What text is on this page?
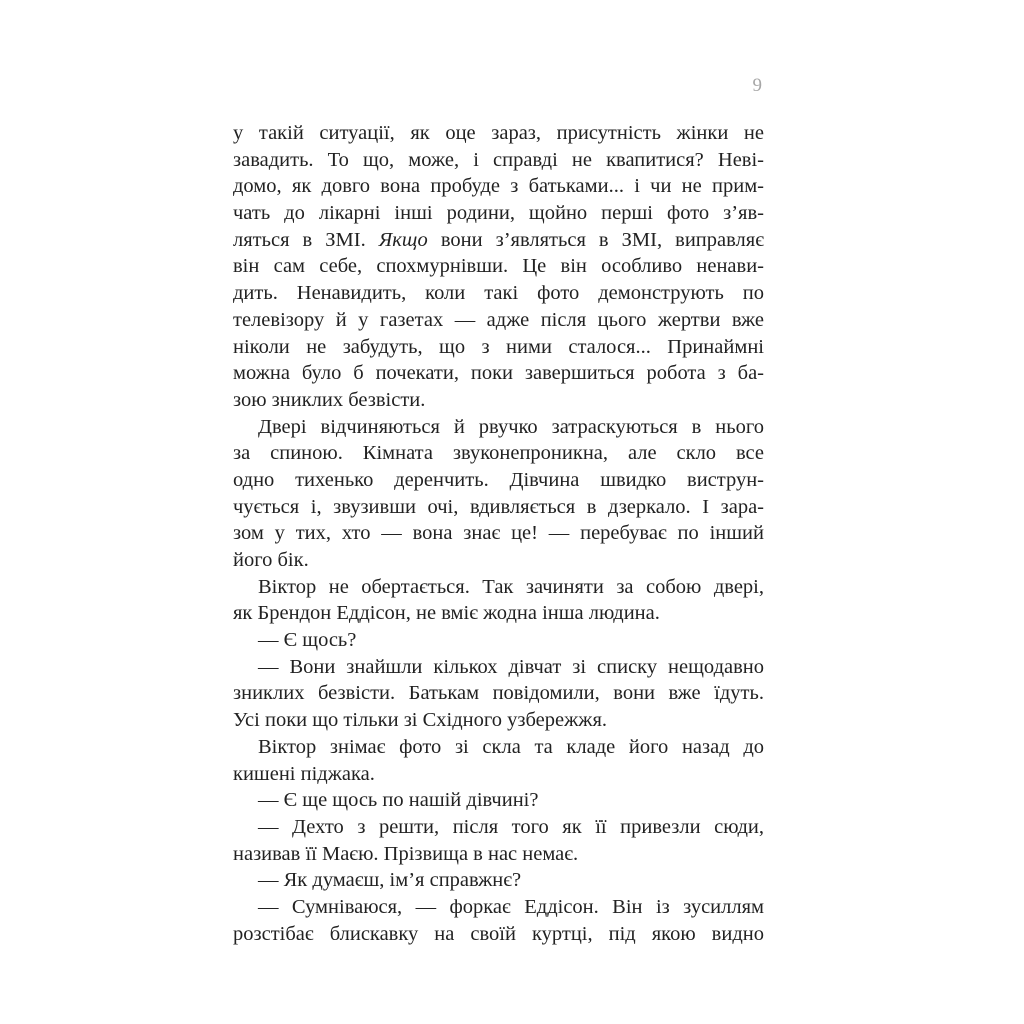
9
у такій ситуації, як оце зараз, присутність жінки не
завадить. То що, може, і справді не квапитися? Неві-
домо, як довго вона пробуде з батьками... і чи не прим-
чать до лікарні інші родини, щойно перші фото з’яв-
ляться в ЗМІ. Якщо вони з’являться в ЗМІ, виправляє
він сам себе, спохмурнівши. Це він особливо ненави-
дить. Ненавидить, коли такі фото демонструють по
телевізору й у газетах — адже після цього жертви вже
ніколи не забудуть, що з ними сталося... Принаймні
можна було б почекати, поки завершиться робота з ба-
зою зниклих безвісти.
Двері відчиняються й рвучко затраскуються в нього
за спиною. Кімната звуконепроникна, але скло все
одно тихенько деренчить. Дівчина швидко виструн-
чується і, звузивши очі, вдивляється в дзеркало. І зара-
зом у тих, хто — вона знає це! — перебуває по інший
його бік.
Віктор не обертається. Так зачиняти за собою двері,
як Брендон Еддісон, не вміє жодна інша людина.
— Є щось?
— Вони знайшли кількох дівчат зі списку нещодавно
зниклих безвісти. Батькам повідомили, вони вже їдуть.
Усі поки що тільки зі Східного узбережжя.
Віктор знімає фото зі скла та кладе його назад до
кишені піджака.
— Є ще щось по нашій дівчині?
— Дехто з решти, після того як її привезли сюди,
називав її Маєю. Прізвища в нас немає.
— Як думаєш, ім’я справжнє?
— Сумніваюся, — форкає Еддісон. Він із зусиллям
розстібає блискавку на своїй куртці, під якою видно
